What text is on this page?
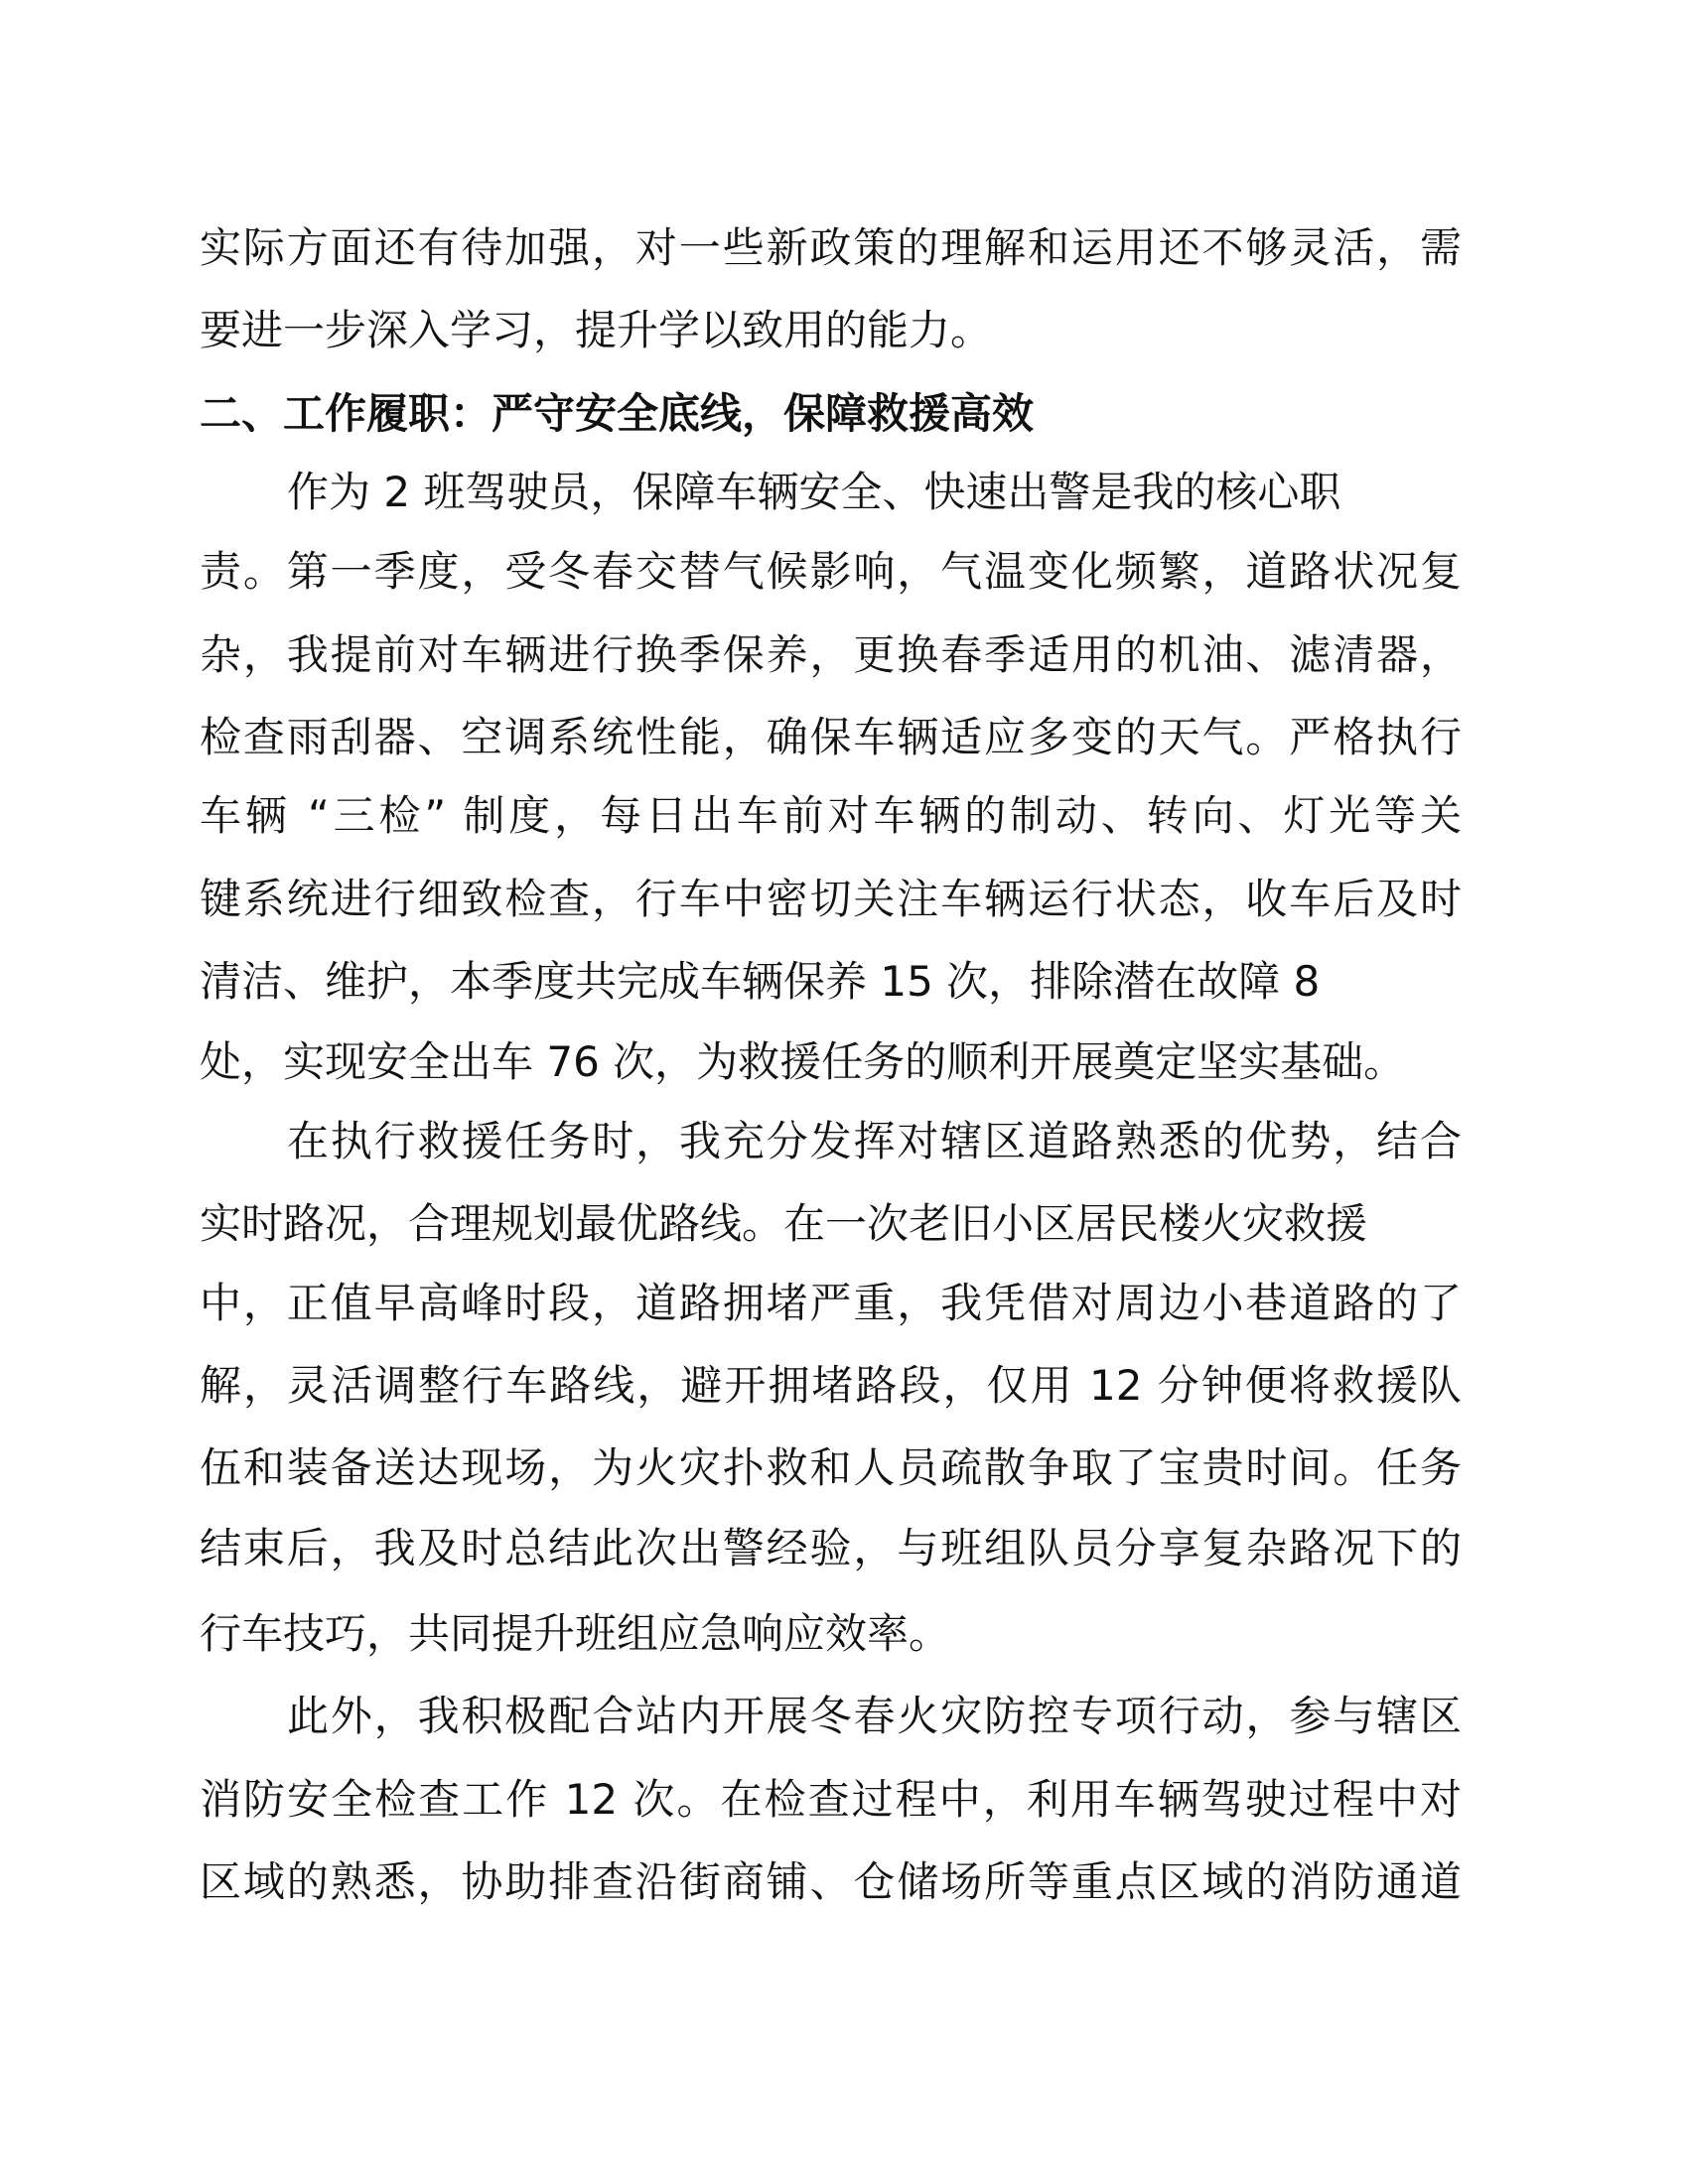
实际方面还有待加强，对一些新政策的理解和运用还不够灵活，需
要进一步深入学习，提升学以致用的能力。
二、工作履职：严守安全底线，保障救援高效
作为 2 班驾驶员，保障车辆安全、快速出警是我的核心职
责。第一季度，受冬春交替气候影响，气温变化频繁，道路状况复
杂，我提前对车辆进行换季保养，更换春季适用的机油、滤清器，
检查雨刮器、空调系统性能，确保车辆适应多变的天气。严格执行
车辆 “三检” 制度，每日出车前对车辆的制动、转向、灯光等关
键系统进行细致检查，行车中密切关注车辆运行状态，收车后及时
清洁、维护，本季度共完成车辆保养 15 次，排除潜在故障 8
处，实现安全出车 76 次，为救援任务的顺利开展奠定坚实基础。
在执行救援任务时，我充分发挥对辖区道路熟悉的优势，结合
实时路况，合理规划最优路线。在一次老旧小区居民楼火灾救援
中，正值早高峰时段，道路拥堵严重，我凭借对周边小巷道路的了
解，灵活调整行车路线，避开拥堵路段，仅用 12 分钟便将救援队
伍和装备送达现场，为火灾扑救和人员疏散争取了宝贵时间。任务
结束后，我及时总结此次出警经验，与班组队员分享复杂路况下的
行车技巧，共同提升班组应急响应效率。
此外，我积极配合站内开展冬春火灾防控专项行动，参与辖区
消防安全检查工作 12 次。在检查过程中，利用车辆驾驶过程中对
区域的熟悉，协助排查沿街商铺、仓储场所等重点区域的消防通道
